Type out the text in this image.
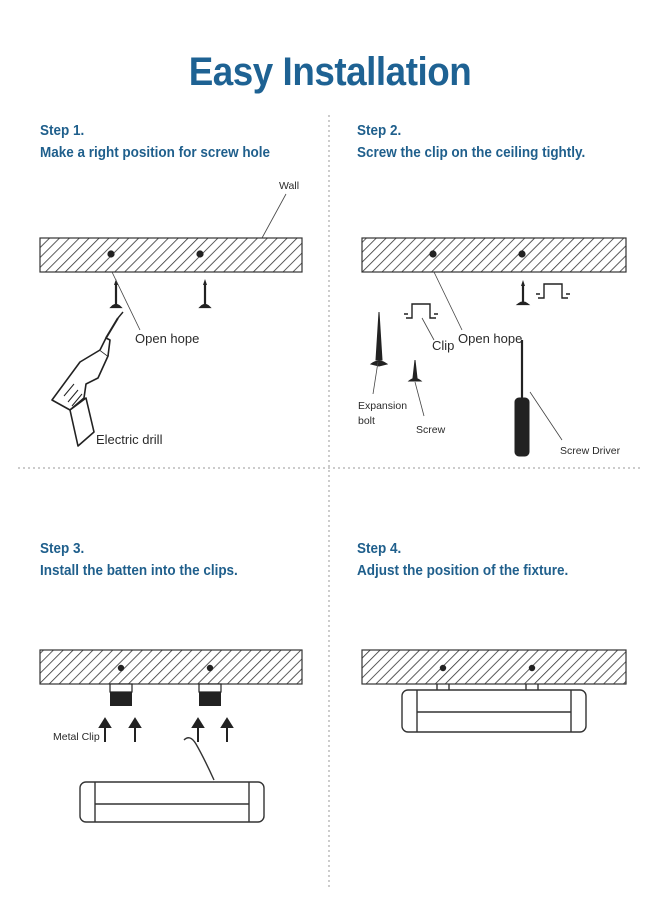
Easy Installation
Step 1.
Make a right position for screw hole
Step 2.
Screw the clip on the ceiling tightly.
Step 3.
Install the batten into the clips.
Step 4.
Adjust the position of the fixture.
Wall
Open hope
Electric drill
Clip Open hope
Expansion
bolt
Screw
Screw Driver
Metal Clip
